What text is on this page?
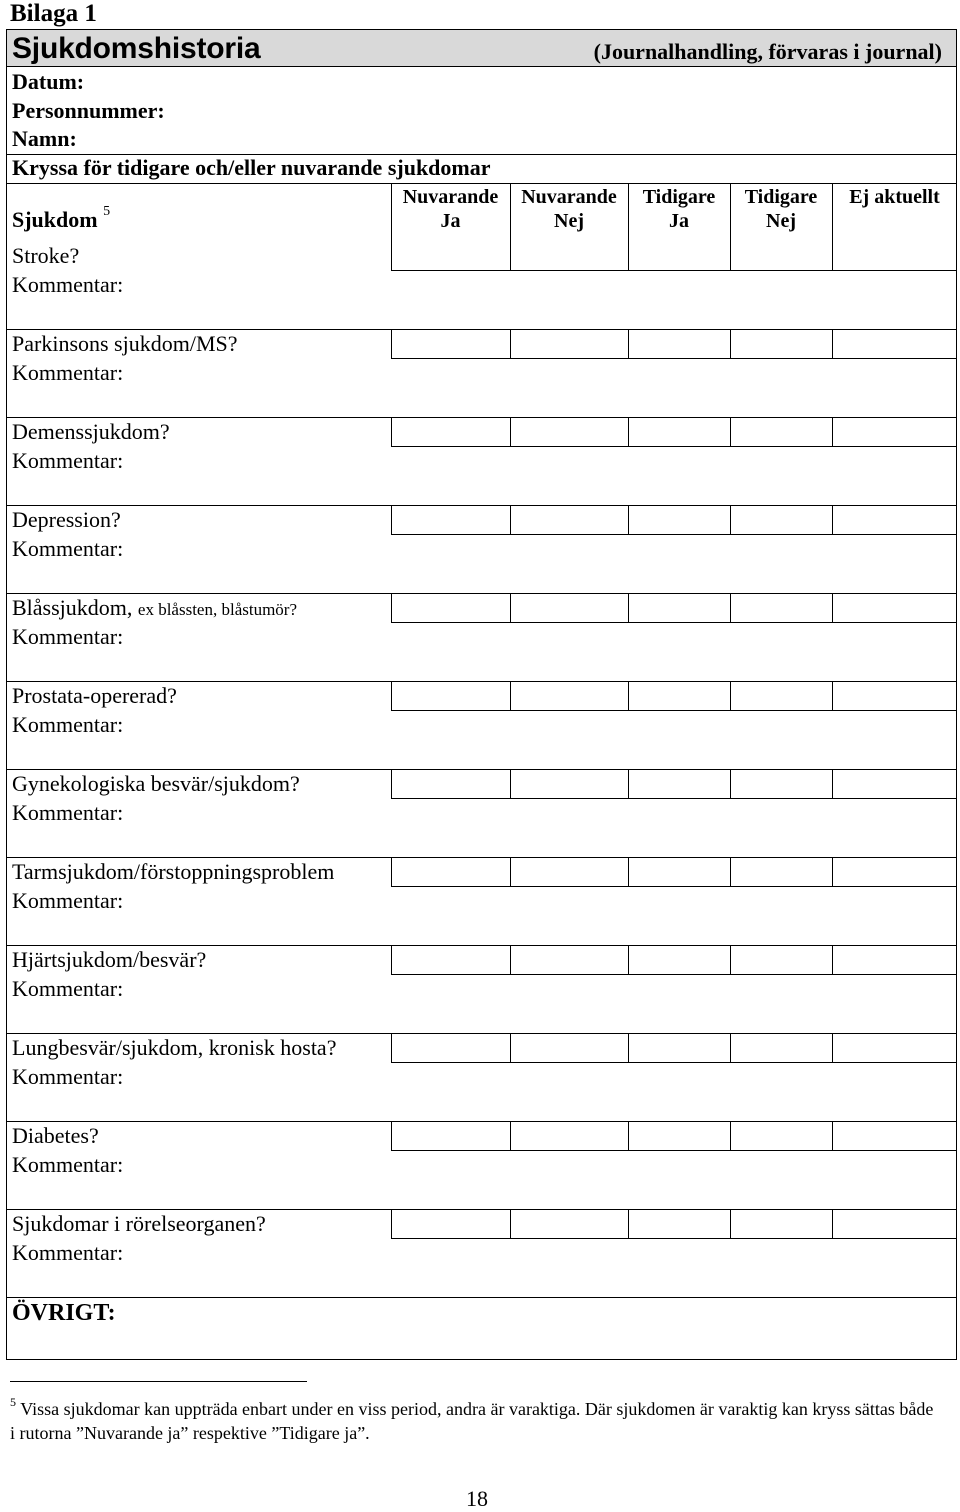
Bilaga 1
Sjukdomshistoria	(Journalhandling, förvaras i journal)
Datum:
Personnummer:
Namn:
Kryssa för tidigare och/eller nuvarande sjukdomar
Sjukdom $^5$
Nuvarande
Ja
Nuvarande
Nej
Tidigare
Ja
Tidigare
Nej
Ej aktuellt
Stroke?
Kommentar:
Parkinsons sjukdom/MS?
Kommentar:
Demenssjukdom?
Kommentar:
Depression?
Kommentar:
Blåssjukdom, ex blåssten, blåstumör?
Kommentar:
Prostata-opererad?
Kommentar:
Gynekologiska besvär/sjukdom?
Kommentar:
Tarmsjukdom/förstoppningsproblem
Kommentar:
Hjärtsjukdom/besvär?
Kommentar:
Lungbesvär/sjukdom, kronisk hosta?
Kommentar:
Diabetes?
Kommentar:
Sjukdomar i rörelseorganen?
Kommentar:
ÖVRIGT:
$^5$ Vissa sjukdomar kan uppträda enbart under en viss period, andra är varaktiga. Där sjukdomen är varaktig kan kryss sättas både i rutorna ”Nuvarande ja” respektive ”Tidigare ja”.
18
